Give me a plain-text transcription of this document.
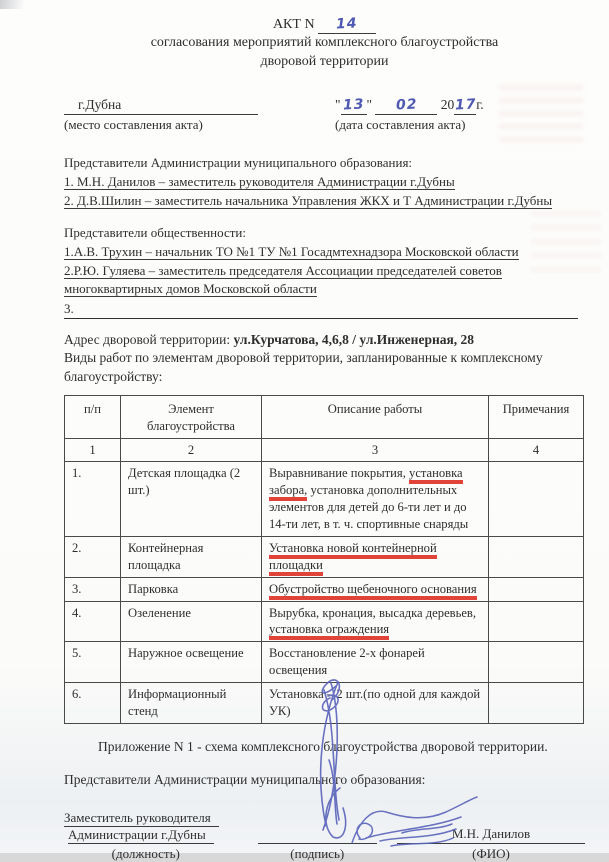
АКТ N 14
согласования мероприятий комплексного благоустройства
дворовой территории
г.Дубна
(место составления акта)
" 13 " 02 2017г.
(дата составления акта)
Представители Администрации муниципального образования:
1. М.Н. Данилов – заместитель руководителя Администрации г.Дубны
2. Д.В.Шилин – заместитель начальника Управления ЖКХ и Т Администрации г.Дубны
Представители общественности:
1.А.В. Трухин – начальник ТО №1 ТУ №1 Госадмтехнадзора Московской области
2.Р.Ю. Гуляева – заместитель председателя Ассоциации председателей советов
многоквартирных домов Московской области
3.
Адрес дворовой территории: ул.Курчатова, 4,6,8 / ул.Инженерная, 28
Виды работ по элементам дворовой территории, запланированные к комплексному
благоустройству:
п/п	Элемент благоустройства	Описание работы	Примечания
1	2	3	4
1.	Детская площадка (2 шт.)	Выравнивание покрытия, установка забора, установка дополнительных элементов для детей до 6-ти лет и до 14-ти лет, в т. ч. спортивные снаряды	
2.	Контейнерная площадка	Установка новой контейнерной площадки	
3.	Парковка	Обустройство щебеночного основания	
4.	Озеленение	Вырубка, кронация, высадка деревьев, установка ограждения	
5.	Наружное освещение	Восстановление 2-х фонарей освещения	
6.	Информационный стенд	Установка – 2 шт.(по одной для каждой УК)	
Приложение N 1 - схема комплексного благоустройства дворовой территории.
Представители Администрации муниципального образования:
Заместитель руководителя
Администрации г.Дубны
(должность)	(подпись)
М.Н. Данилов
(ФИО)
